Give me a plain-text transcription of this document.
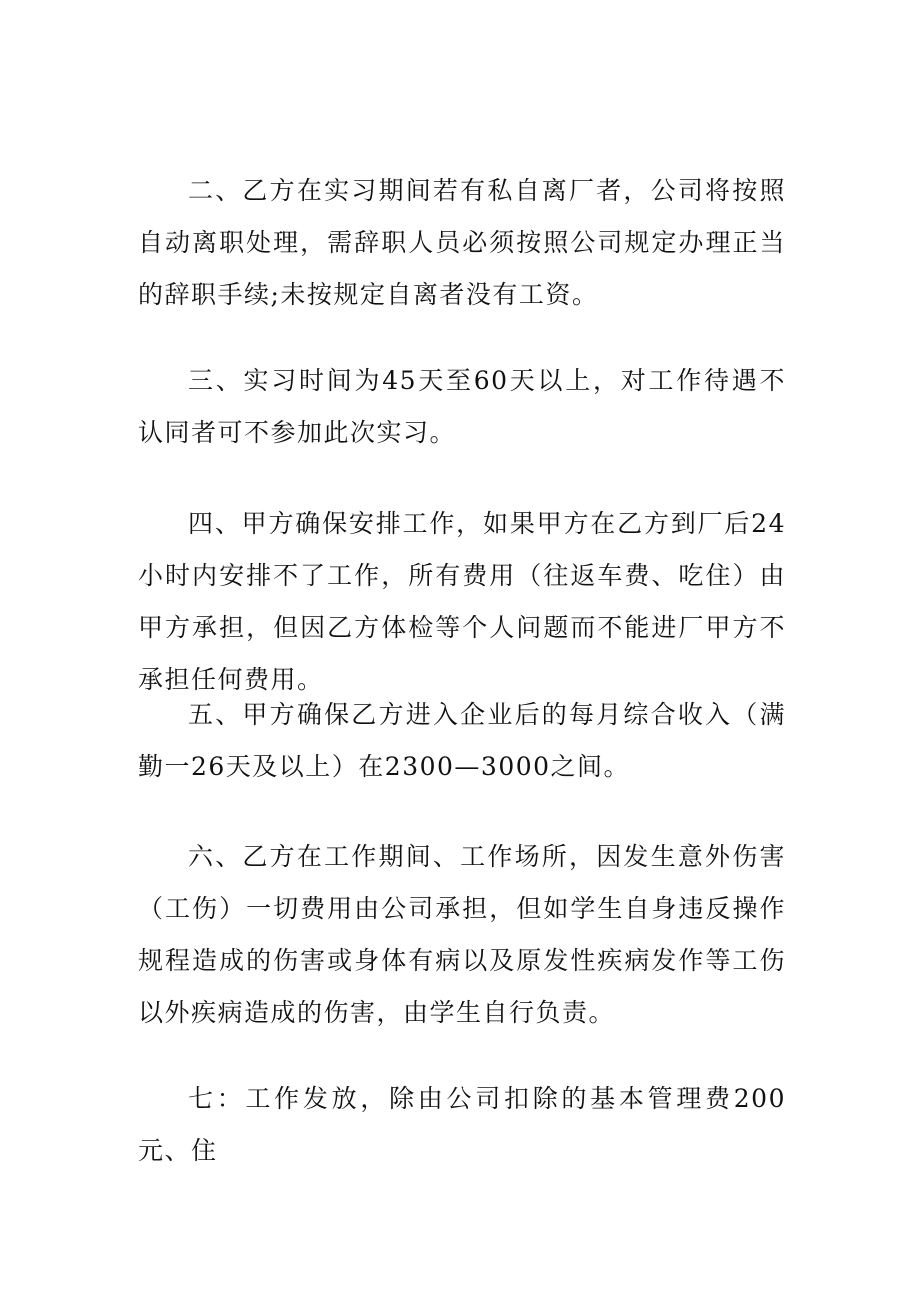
二、乙方在实习期间若有私自离厂者，公司将按照自动离职处理，需辞职人员必须按照公司规定办理正当的辞职手续;未按规定自离者没有工资。

三、实习时间为45天至60天以上，对工作待遇不认同者可不参加此次实习。

四、甲方确保安排工作，如果甲方在乙方到厂后24小时内安排不了工作，所有费用（往返车费、吃住）由甲方承担，但因乙方体检等个人问题而不能进厂甲方不承担任何费用。

五、甲方确保乙方进入企业后的每月综合收入（满勤一26天及以上）在2300—3000之间。

六、乙方在工作期间、工作场所，因发生意外伤害（工伤）一切费用由公司承担，但如学生自身违反操作规程造成的伤害或身体有病以及原发性疾病发作等工伤以外疾病造成的伤害，由学生自行负责。

七：工作发放，除由公司扣除的基本管理费200元、住
